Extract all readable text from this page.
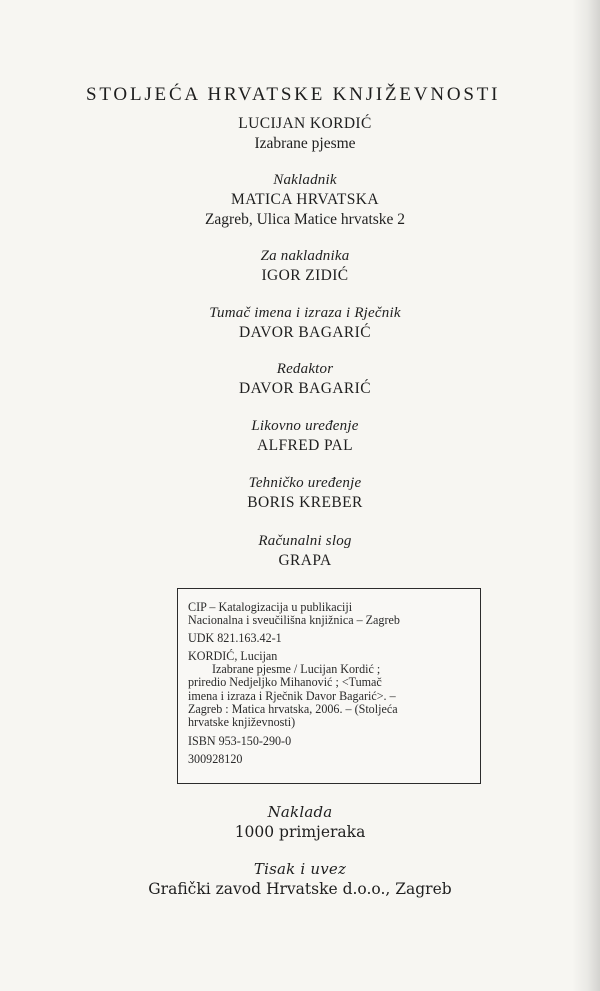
STOLJEĆA HRVATSKE KNJIŽEVNOSTI
LUCIJAN KORDIĆ
Izabrane pjesme
Nakladnik
MATICA HRVATSKA
Zagreb, Ulica Matice hrvatske 2
Za nakladnika
IGOR ZIDIĆ
Tumač imena i izraza i Rječnik
DAVOR BAGARIĆ
Redaktor
DAVOR BAGARIĆ
Likovno uređenje
ALFRED PAL
Tehničko uređenje
BORIS KREBER
Računalni slog
GRAPA
CIP – Katalogizacija u publikaciji
Nacionalna i sveučilišna knjižnica – Zagreb
UDK 821.163.42-1
KORDIĆ, Lucijan
Izabrane pjesme / Lucijan Kordić ;
priredio Nedjeljko Mihanović ; <Tumač
imena i izraza i Rječnik Davor Bagarić>. –
Zagreb : Matica hrvatska, 2006. – (Stoljeća
hrvatske književnosti)
ISBN 953-150-290-0
300928120
Naklada
1000 primjeraka
Tisak i uvez
Grafički zavod Hrvatske d.o.o., Zagreb
